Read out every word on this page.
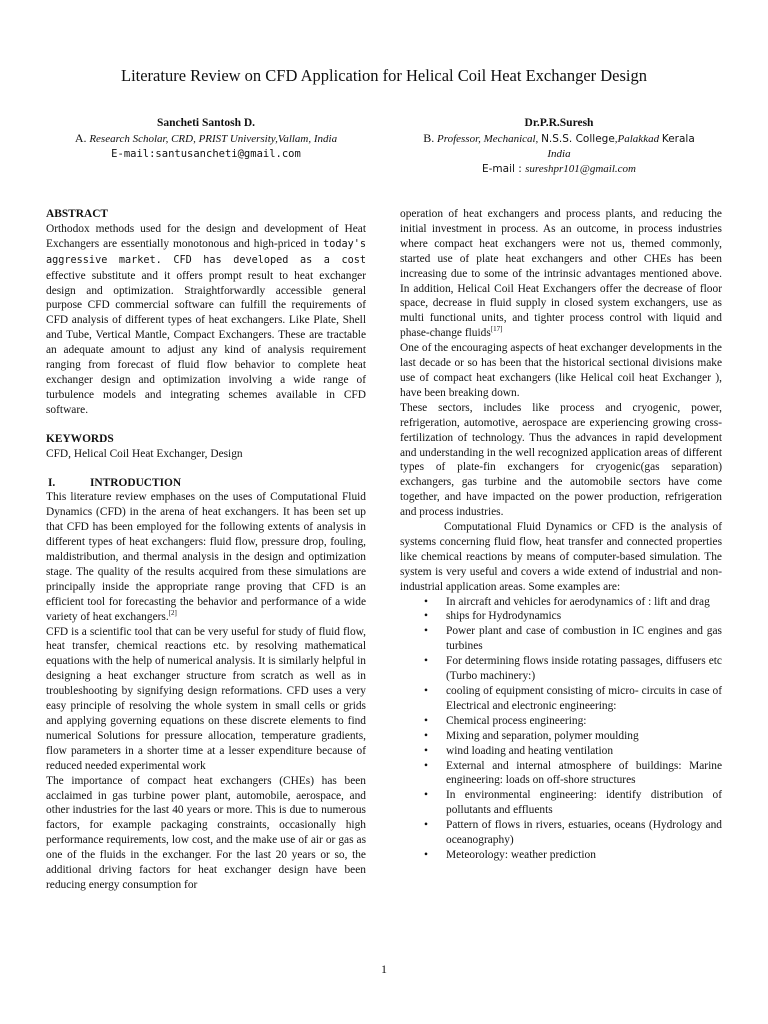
Literature Review on CFD Application for Helical Coil Heat Exchanger Design
Sancheti Santosh D.
A. Research Scholar, CRD, PRIST University,Vallam, India
E-mail:santusancheti@gmail.com
Dr.P.R.Suresh
B. Professor, Mechanical, N.S.S. College,Palakkad Kerala
India
E-mail : sureshpr101@gmail.com

ABSTRACT

Orthodox methods used for the design and development of Heat Exchangers are essentially monotonous and high-priced in today's aggressive market. CFD has developed as a cost effective substitute and it offers prompt result to heat exchanger design and optimization. Straightforwardly accessible general purpose CFD commercial software can fulfill the requirements of CFD analysis of different types of heat exchangers. Like Plate, Shell and Tube, Vertical Mantle, Compact Exchangers. These are tractable an adequate amount to adjust any kind of analysis requirement ranging from forecast of fluid flow behavior to complete heat exchanger design and optimization involving a wide range of turbulence models and integrating schemes available in CFD software.

KEYWORDS

CFD, Helical Coil Heat Exchanger, Design

I.	INTRODUCTION

This literature review emphases on the uses of Computational Fluid Dynamics (CFD) in the arena of heat exchangers. It has been set up that CFD has been employed for the following extents of analysis in different types of heat exchangers: fluid flow, pressure drop, fouling, maldistribution, and thermal analysis in the design and optimization stage. The quality of the results acquired from these simulations are principally inside the appropriate range proving that CFD is an efficient tool for forecasting the behavior and performance of a wide variety of heat exchangers.[2]

CFD is a scientific tool that can be very useful for study of fluid flow, heat transfer, chemical reactions etc. by resolving mathematical equations with the help of numerical analysis. It is similarly helpful in designing a heat exchanger structure from scratch as well as in troubleshooting by signifying design reformations. CFD uses a very easy principle of resolving the whole system in small cells or grids and applying governing equations on these discrete elements to find numerical Solutions for pressure allocation, temperature gradients, flow parameters in a shorter time at a lesser expenditure because of reduced needed experimental work

The importance of compact heat exchangers (CHEs) has been acclaimed in gas turbine power plant, automobile, aerospace, and other industries for the last 40 years or more. This is due to numerous factors, for example packaging constraints, occasionally high performance requirements, low cost, and the make use of air or gas as one of the fluids in the exchanger. For the last 20 years or so, the additional driving factors for heat exchanger design have been reducing energy consumption for

operation of heat exchangers and process plants, and reducing the initial investment in process. As an outcome, in process industries where compact heat exchangers were not us, themed commonly, started use of plate heat exchangers and other CHEs has been increasing due to some of the intrinsic advantages mentioned above. In addition, Helical Coil Heat Exchangers offer the decrease of floor space, decrease in fluid supply in closed system exchangers, use as multi functional units, and tighter process control with liquid and phase-change fluids[17]

One of the encouraging aspects of heat exchanger developments in the last decade or so has been that the historical sectional divisions make use of compact heat exchangers (like Helical coil heat Exchanger ), have been breaking down.

These sectors, includes like process and cryogenic, power, refrigeration, automotive, aerospace are experiencing growing cross- fertilization of technology. Thus the advances in rapid development and understanding in the well recognized application areas of different types of plate-fin exchangers for cryogenic(gas separation) exchangers, gas turbine and the automobile sectors have come together, and have impacted on the power production, refrigeration and process industries.

Computational Fluid Dynamics or CFD is the analysis of systems concerning fluid flow, heat transfer and connected properties like chemical reactions by means of computer-based simulation. The system is very useful and covers a wide extend of industrial and non-industrial application areas. Some examples are:

• In aircraft and vehicles for aerodynamics of : lift and drag
• ships for Hydrodynamics
• Power plant and case of combustion in IC engines and gas turbines
• For determining flows inside rotating passages, diffusers etc (Turbo machinery:)
• cooling of equipment consisting of micro- circuits in case of Electrical and electronic engineering:
• Chemical process engineering:
• Mixing and separation, polymer moulding
• wind loading and heating ventilation
• External and internal atmosphere of buildings: Marine engineering: loads on off-shore structures
• In environmental engineering: identify distribution of pollutants and effluents
• Pattern of flows in rivers, estuaries, oceans (Hydrology and oceanography)
• Meteorology: weather prediction
1
